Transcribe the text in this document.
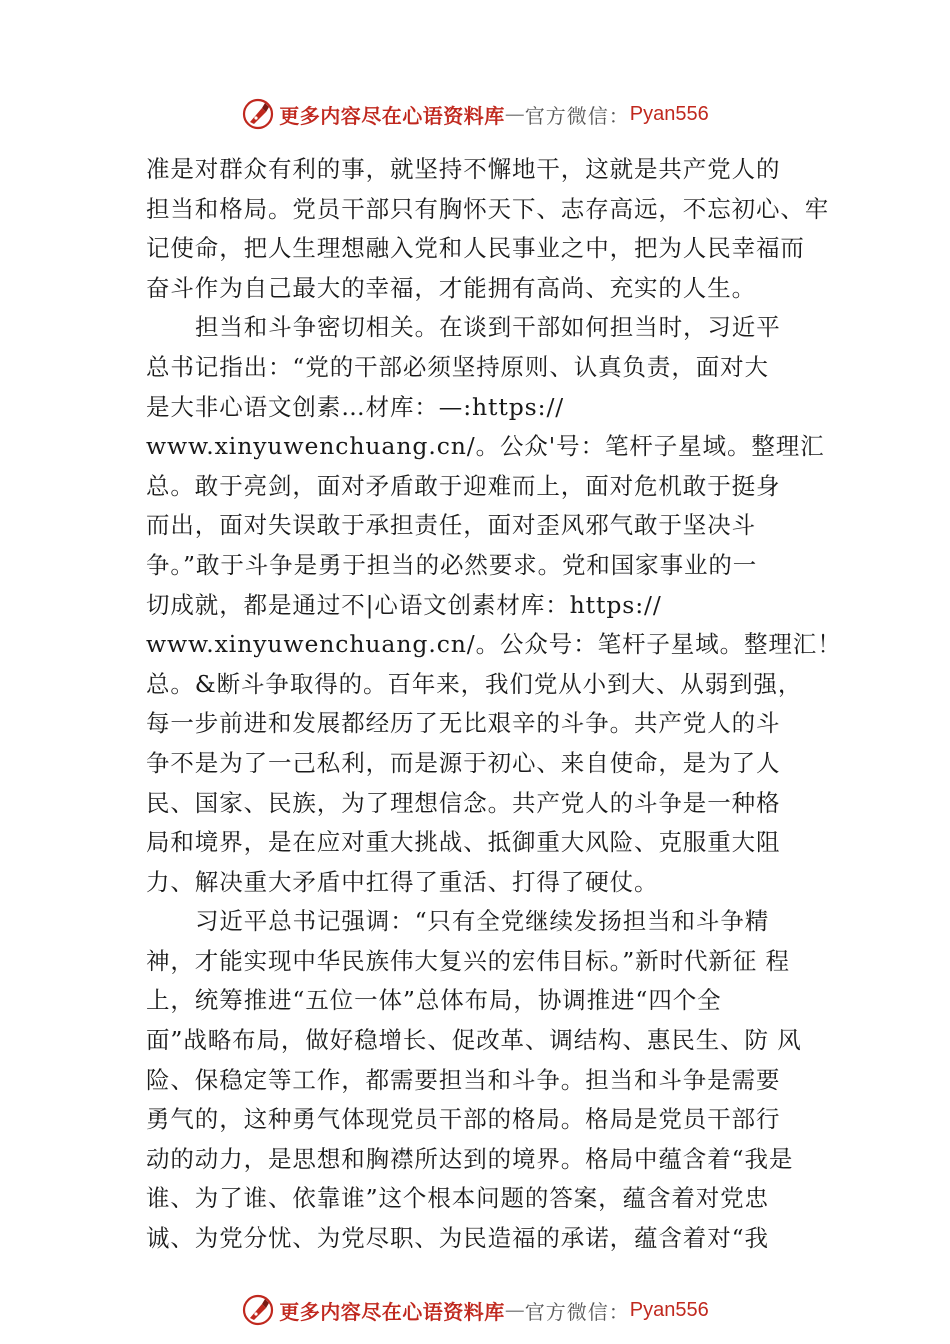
更多内容尽在心语资料库 — 官方微信： Pyan556
准是对群众有利的事，就坚持不懈地干，这就是共产党人的
担当和格局。党员干部只有胸怀天下、志存高远，不忘初心、牢
记使命，把人生理想融入党和人民事业之中，把为人民幸福而
奋斗作为自己最大的幸福，才能拥有高尚、充实的人生。
担当和斗争密切相关。在谈到干部如何担当时，习近平
总书记指出：“党的干部必须坚持原则、认真负责，面对大
是大非心语文创素…材库：—:https://
www.xinyuwenchuang.cn/。公众'号：笔杆子星域。整理汇
总。敢于亮剑，面对矛盾敢于迎难而上，面对危机敢于挺身
而出，面对失误敢于承担责任，面对歪风邪气敢于坚决斗
争。”敢于斗争是勇于担当的必然要求。党和国家事业的一
切成就，都是通过不|心语文创素材库：https://
www.xinyuwenchuang.cn/。公众号：笔杆子星域。整理汇！
总。&断斗争取得的。百年来，我们党从小到大、从弱到强，
每一步前进和发展都经历了无比艰辛的斗争。共产党人的斗
争不是为了一己私利，而是源于初心、来自使命，是为了人
民、国家、民族，为了理想信念。共产党人的斗争是一种格
局和境界，是在应对重大挑战、抵御重大风险、克服重大阻
力、解决重大矛盾中扛得了重活、打得了硬仗。
习近平总书记强调：“只有全党继续发扬担当和斗争精
神，才能实现中华民族伟大复兴的宏伟目标。”新时代新征 程
上，统筹推进“五位一体”总体布局，协调推进“四个全
面”战略布局，做好稳增长、促改革、调结构、惠民生、防 风
险、保稳定等工作，都需要担当和斗争。担当和斗争是需要
勇气的，这种勇气体现党员干部的格局。格局是党员干部行
动的动力，是思想和胸襟所达到的境界。格局中蕴含着“我是
谁、为了谁、依靠谁”这个根本问题的答案，蕴含着对党忠
诚、为党分忧、为党尽职、为民造福的承诺，蕴含着对“我
更多内容尽在心语资料库 — 官方微信： Pyan556
